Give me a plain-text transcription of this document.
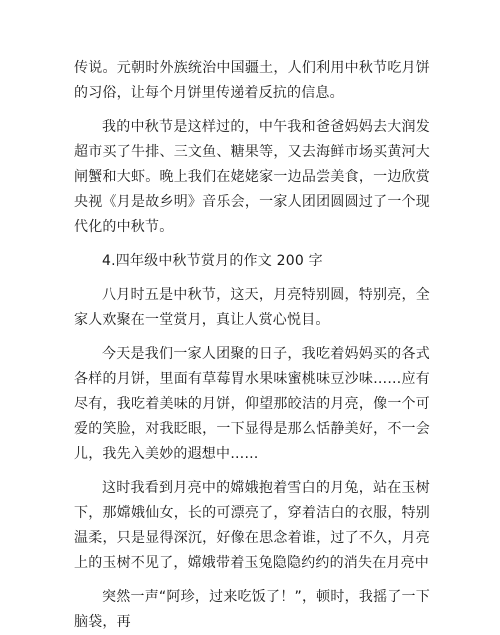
传说。元朝时外族统治中国疆土，人们利用中秋节吃月饼的习俗，让每个月饼里传递着反抗的信息。

我的中秋节是这样过的，中午我和爸爸妈妈去大润发超市买了牛排、三文鱼、糖果等，又去海鲜市场买黄河大闸蟹和大虾。晚上我们在姥姥家一边品尝美食，一边欣赏央视《月是故乡明》音乐会，一家人团团圆圆过了一个现代化的中秋节。

4.四年级中秋节赏月的作文 200 字

八月时五是中秋节，这天，月亮特别圆，特别亮，全家人欢聚在一堂赏月，真让人赏心悦目。

今天是我们一家人团聚的日子，我吃着妈妈买的各式各样的月饼，里面有草莓胃水果味蜜桃味豆沙味……应有尽有，我吃着美味的月饼，仰望那皎洁的月亮，像一个可爱的笑脸，对我眨眼，一下显得是那么恬静美好，不一会儿，我先入美妙的遐想中……

这时我看到月亮中的嫦娥抱着雪白的月兔，站在玉树下，那嫦娥仙女，长的可漂亮了，穿着洁白的衣服，特别温柔，只是显得深沉，好像在思念着谁，过了不久，月亮上的玉树不见了，嫦娥带着玉兔隐隐约约的消失在月亮中

突然一声“阿珍，过来吃饭了！”，顿时，我摇了一下脑袋，再
